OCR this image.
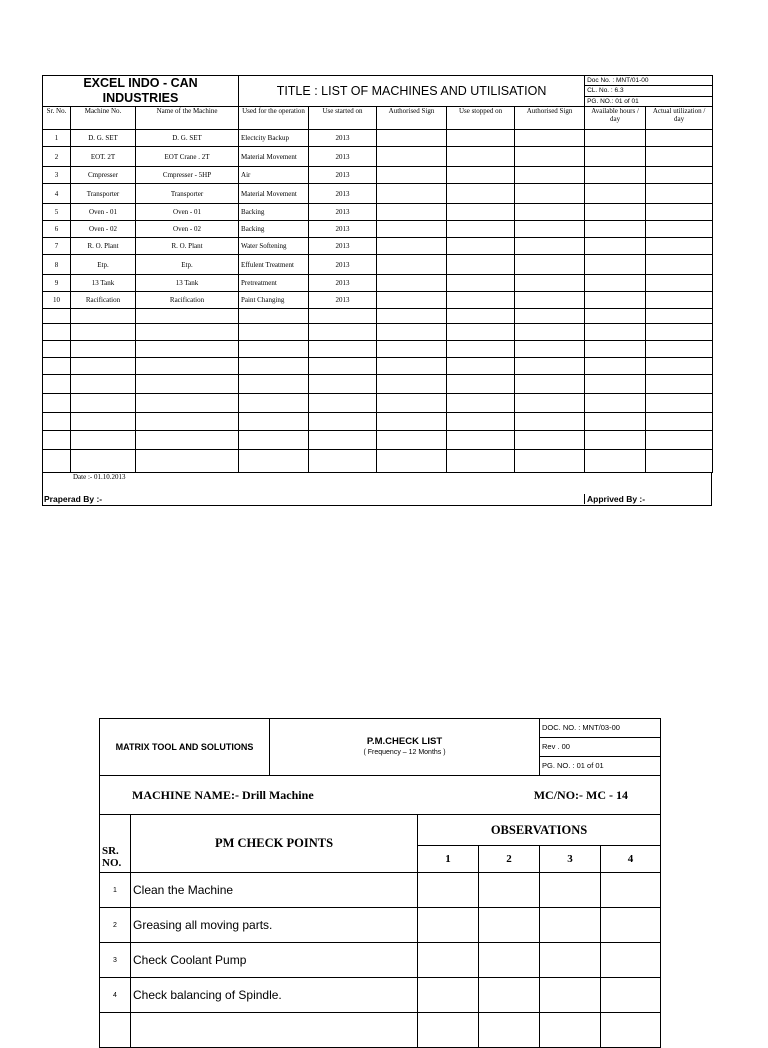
EXCEL INDO - CAN INDUSTRIES			TITLE : LIST OF MACHINES AND UTILISATION					Doc No. : MNT/01-00	
								CL. No. : 6.3	
								PG. NO.: 01 of 01	
Sr. No.	Machine No.	Name of the Machine	Used for the operation	Use started on	Authorised Sign	Use stopped on	Authorised Sign	Available hours / day	Actual utilization / day
1	D. G. SET	D. G. SET	Electcity Backup	2013					
2	EOT. 2T	EOT Crane . 2T	Material Movement	2013					
3	Cmpresser	Cmpresser - 5HP	Air	2013					
4	Transporter	Transporter	Material Movement	2013					
5	Oven - 01	Oven - 01	Backing	2013					
6	Oven - 02	Oven - 02	Backing	2013					
7	R. O. Plant	R. O. Plant	Water Softening	2013					
8	Etp.	Etp.	Effulent Treatment	2013					
9	13 Tank	13 Tank	Pretreatment	2013					
10	Racification	Racification	Paint Changing	2013					

Date :- 01.10.2013
Praperad By :-	Apprived By :-
MATRIX TOOL AND SOLUTIONS		P.M.CHECK LIST
( Frequency – 12 Months )			DOC. NO. : MNT/03-00	
					Rev . 00	
					PG. NO. : 01 of 01	

MACHINE NAME:- Drill Machine MC/NO:- MC - 14						

SR. NO.	PM CHECK POINTS		OBSERVATIONS			
			1	2	3	4
1	Clean the Machine					
2	Greasing all moving parts.					
3	Check Coolant Pump					
4	Check balancing of Spindle.					
